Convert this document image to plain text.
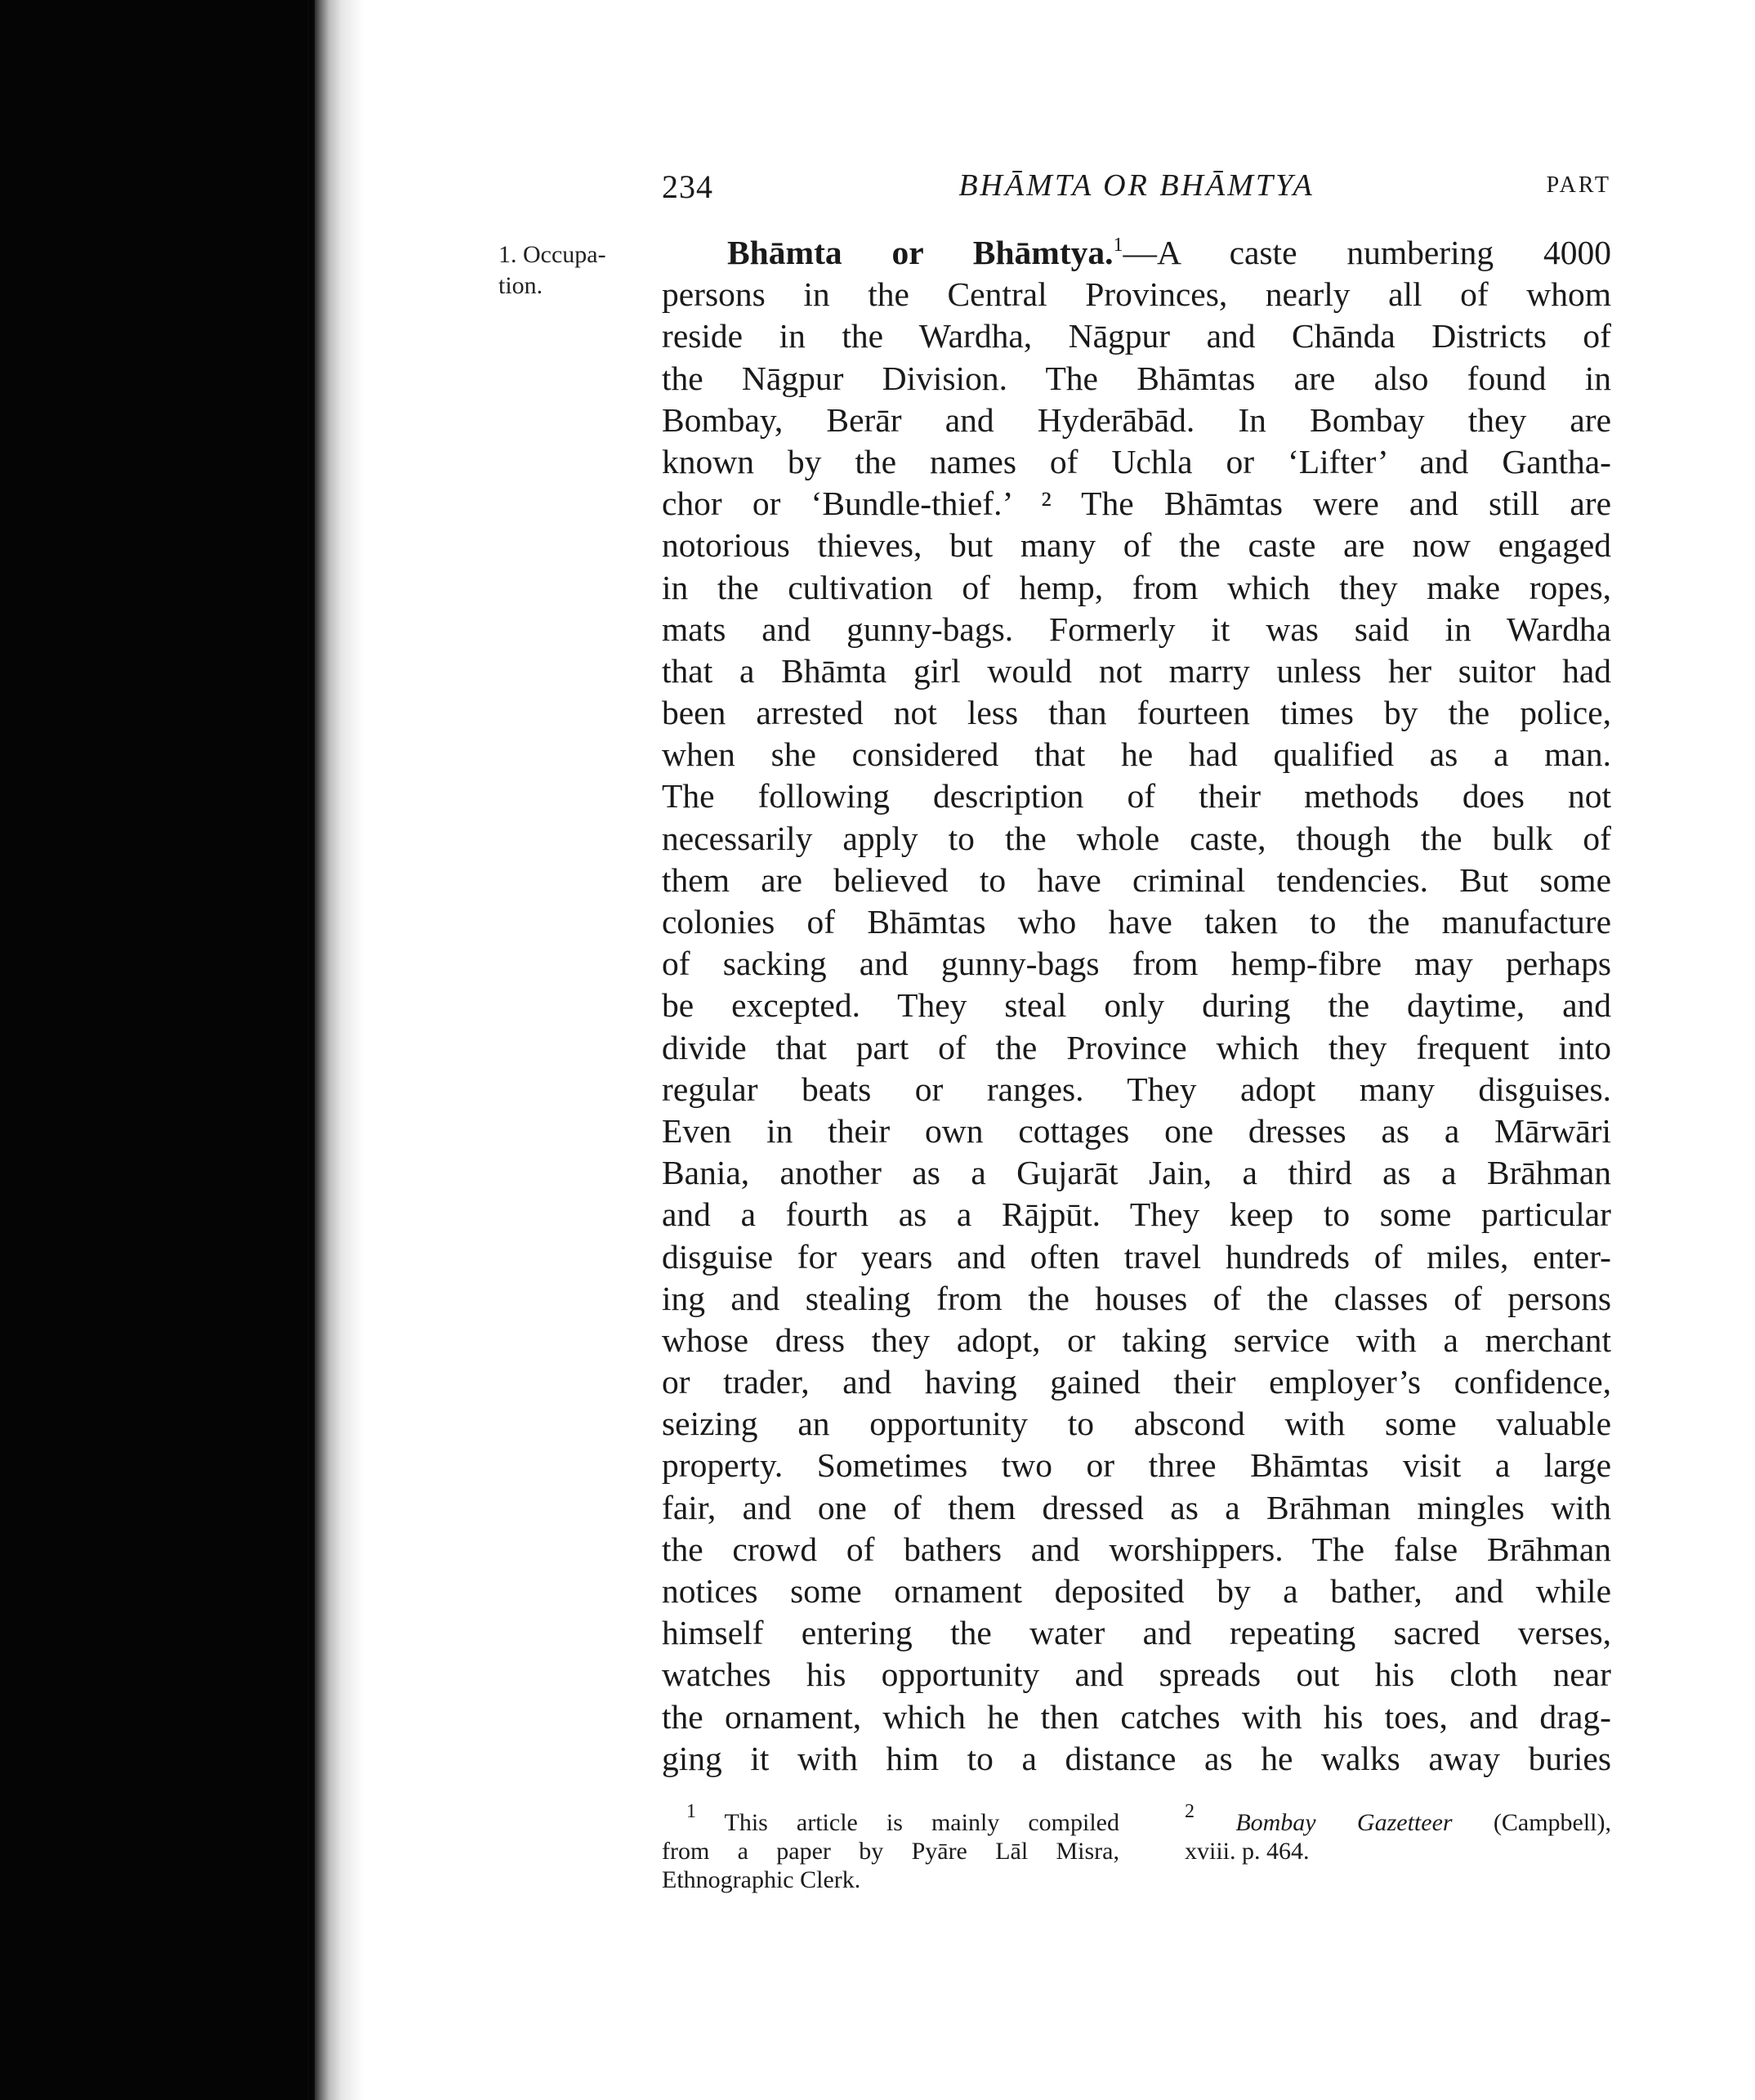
234	BHĀMTA OR BHĀMTYA	PART
1. Occupa-
tion.
Bhāmta or Bhāmtya.$^1$—A caste numbering 4000
persons in the Central Provinces, nearly all of whom
reside in the Wardha, Nāgpur and Chānda Districts of
the Nāgpur Division. The Bhāmtas are also found in
Bombay, Berār and Hyderābād. In Bombay they are
known by the names of Uchla or ‘Lifter’ and Gantha-
chor or ‘Bundle-thief.’ ² The Bhāmtas were and still are
notorious thieves, but many of the caste are now engaged
in the cultivation of hemp, from which they make ropes,
mats and gunny-bags. Formerly it was said in Wardha
that a Bhāmta girl would not marry unless her suitor had
been arrested not less than fourteen times by the police,
when she considered that he had qualified as a man.
The following description of their methods does not
necessarily apply to the whole caste, though the bulk of
them are believed to have criminal tendencies. But some
colonies of Bhāmtas who have taken to the manufacture
of sacking and gunny-bags from hemp-fibre may perhaps
be excepted. They steal only during the daytime, and
divide that part of the Province which they frequent into
regular beats or ranges. They adopt many disguises.
Even in their own cottages one dresses as a Mārwāri
Bania, another as a Gujarāt Jain, a third as a Brāhman
and a fourth as a Rājpūt. They keep to some particular
disguise for years and often travel hundreds of miles, enter-
ing and stealing from the houses of the classes of persons
whose dress they adopt, or taking service with a merchant
or trader, and having gained their employer’s confidence,
seizing an opportunity to abscond with some valuable
property. Sometimes two or three Bhāmtas visit a large
fair, and one of them dressed as a Brāhman mingles with
the crowd of bathers and worshippers. The false Brāhman
notices some ornament deposited by a bather, and while
himself entering the water and repeating sacred verses,
watches his opportunity and spreads out his cloth near
the ornament, which he then catches with his toes, and drag-
ging it with him to a distance as he walks away buries
$^1$ This article is mainly compiled
from a paper by Pyāre Lāl Misra,
Ethnographic Clerk.
$^2$ Bombay Gazetteer (Campbell),
xviii. p. 464.
